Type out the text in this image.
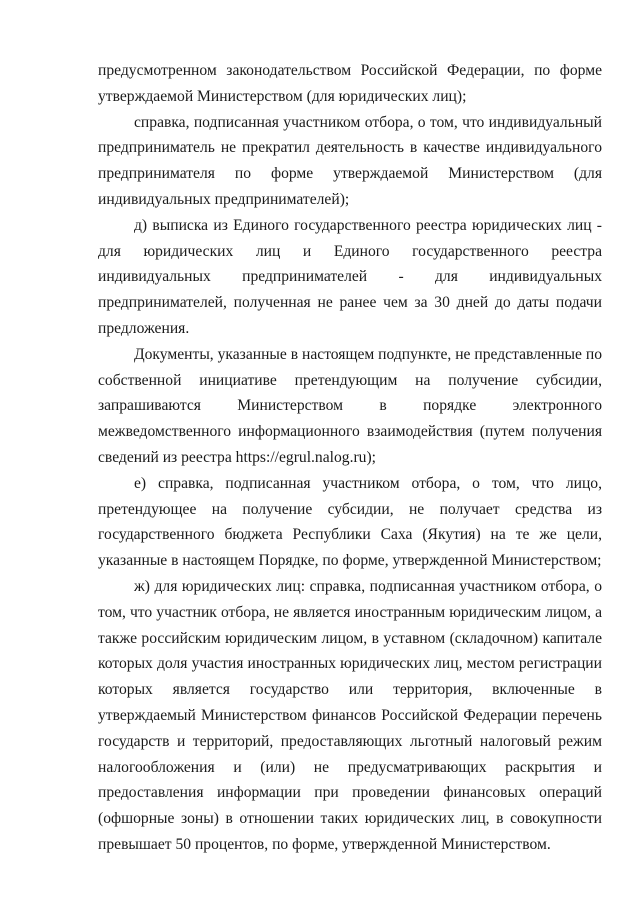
предусмотренном законодательством Российской Федерации, по форме утверждаемой Министерством (для юридических лиц);

справка, подписанная участником отбора, о том, что индивидуальный предприниматель не прекратил деятельность в качестве индивидуального предпринимателя по форме утверждаемой Министерством (для индивидуальных предпринимателей);

д) выписка из Единого государственного реестра юридических лиц - для юридических лиц и Единого государственного реестра индивидуальных предпринимателей - для индивидуальных предпринимателей, полученная не ранее чем за 30 дней до даты подачи предложения.

Документы, указанные в настоящем подпункте, не представленные по собственной инициативе претендующим на получение субсидии, запрашиваются Министерством в порядке электронного межведомственного информационного взаимодействия (путем получения сведений из реестра https://egrul.nalog.ru);

е) справка, подписанная участником отбора, о том, что лицо, претендующее на получение субсидии, не получает средства из государственного бюджета Республики Саха (Якутия) на те же цели, указанные в настоящем Порядке, по форме, утвержденной Министерством;

ж) для юридических лиц: справка, подписанная участником отбора, о том, что участник отбора, не является иностранным юридическим лицом, а также российским юридическим лицом, в уставном (складочном) капитале которых доля участия иностранных юридических лиц, местом регистрации которых является государство или территория, включенные в утверждаемый Министерством финансов Российской Федерации перечень государств и территорий, предоставляющих льготный налоговый режим налогообложения и (или) не предусматривающих раскрытия и предоставления информации при проведении финансовых операций (офшорные зоны) в отношении таких юридических лиц, в совокупности превышает 50 процентов, по форме, утвержденной Министерством.
